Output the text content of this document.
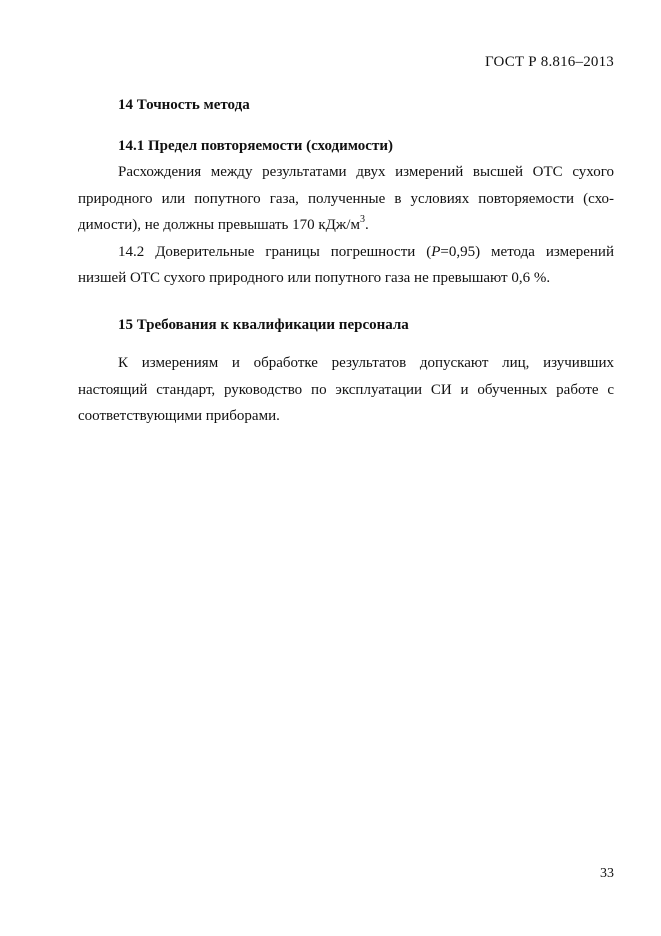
ГОСТ Р 8.816–2013

14 Точность метода

14.1 Предел повторяемости (сходимости)

Расхождения между результатами двух измерений высшей ОТС сухого природного или попутного газа, полученные в условиях повторяемости (схо-димости), не должны превышать 170 кДж/$м^3$.

14.2 Доверительные границы погрешности (Р=0,95) метода измерений низшей ОТС сухого природного или попутного газа не превышают 0,6 %.

15 Требования к квалификации персонала

К измерениям и обработке результатов допускают лиц, изучивших настоящий стандарт, руководство по эксплуатации СИ и обученных работе с соответствующими приборами.

33
